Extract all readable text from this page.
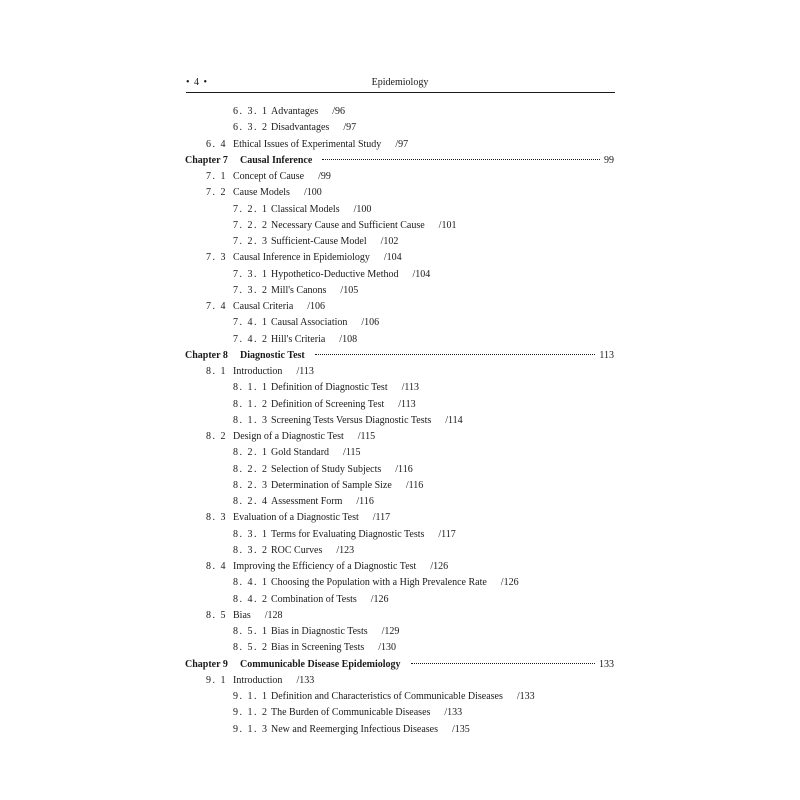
• 4 •	Epidemiology
6. 3. 1 Advantages /96
6. 3. 2 Disadvantages /97
6. 4 Ethical Issues of Experimental Study /97
Chapter 7 Causal Inference	99
7. 1 Concept of Cause /99
7. 2 Cause Models /100
7. 2. 1 Classical Models /100
7. 2. 2 Necessary Cause and Sufficient Cause /101
7. 2. 3 Sufficient-Cause Model /102
7. 3 Causal Inference in Epidemiology /104
7. 3. 1 Hypothetico-Deductive Method /104
7. 3. 2 Mill's Canons /105
7. 4 Causal Criteria /106
7. 4. 1 Causal Association /106
7. 4. 2 Hill's Criteria /108
Chapter 8 Diagnostic Test	113
8. 1 Introduction /113
8. 1. 1 Definition of Diagnostic Test /113
8. 1. 2 Definition of Screening Test /113
8. 1. 3 Screening Tests Versus Diagnostic Tests /114
8. 2 Design of a Diagnostic Test /115
8. 2. 1 Gold Standard /115
8. 2. 2 Selection of Study Subjects /116
8. 2. 3 Determination of Sample Size /116
8. 2. 4 Assessment Form /116
8. 3 Evaluation of a Diagnostic Test /117
8. 3. 1 Terms for Evaluating Diagnostic Tests /117
8. 3. 2 ROC Curves /123
8. 4 Improving the Efficiency of a Diagnostic Test /126
8. 4. 1 Choosing the Population with a High Prevalence Rate /126
8. 4. 2 Combination of Tests /126
8. 5 Bias /128
8. 5. 1 Bias in Diagnostic Tests /129
8. 5. 2 Bias in Screening Tests /130
Chapter 9 Communicable Disease Epidemiology	133
9. 1 Introduction /133
9. 1. 1 Definition and Characteristics of Communicable Diseases /133
9. 1. 2 The Burden of Communicable Diseases /133
9. 1. 3 New and Reemerging Infectious Diseases /135
